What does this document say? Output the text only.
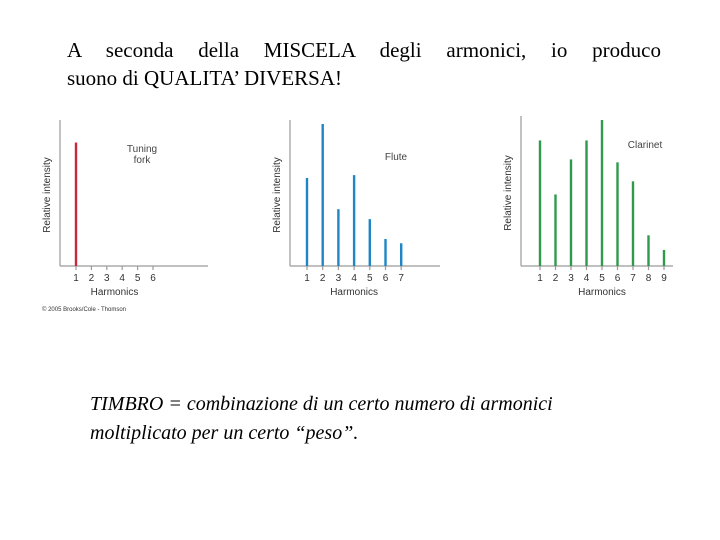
A seconda della MISCELA degli armonici, io produco
suono di QUALITA’ DIVERSA!
Relative intensity
1 2 3 4 5 6
Harmonics
Tuning
fork	Relative intensity
1 2 3 4 5 6 7
Harmonics
Flute	Relative intensity
1 2 3 4 5 6 7 8 9
Harmonics
Clarinet
© 2005 Brooks/Cole - Thomson
TIMBRO = combinazione di un certo numero di armonici
moltiplicato per un certo “peso”.
